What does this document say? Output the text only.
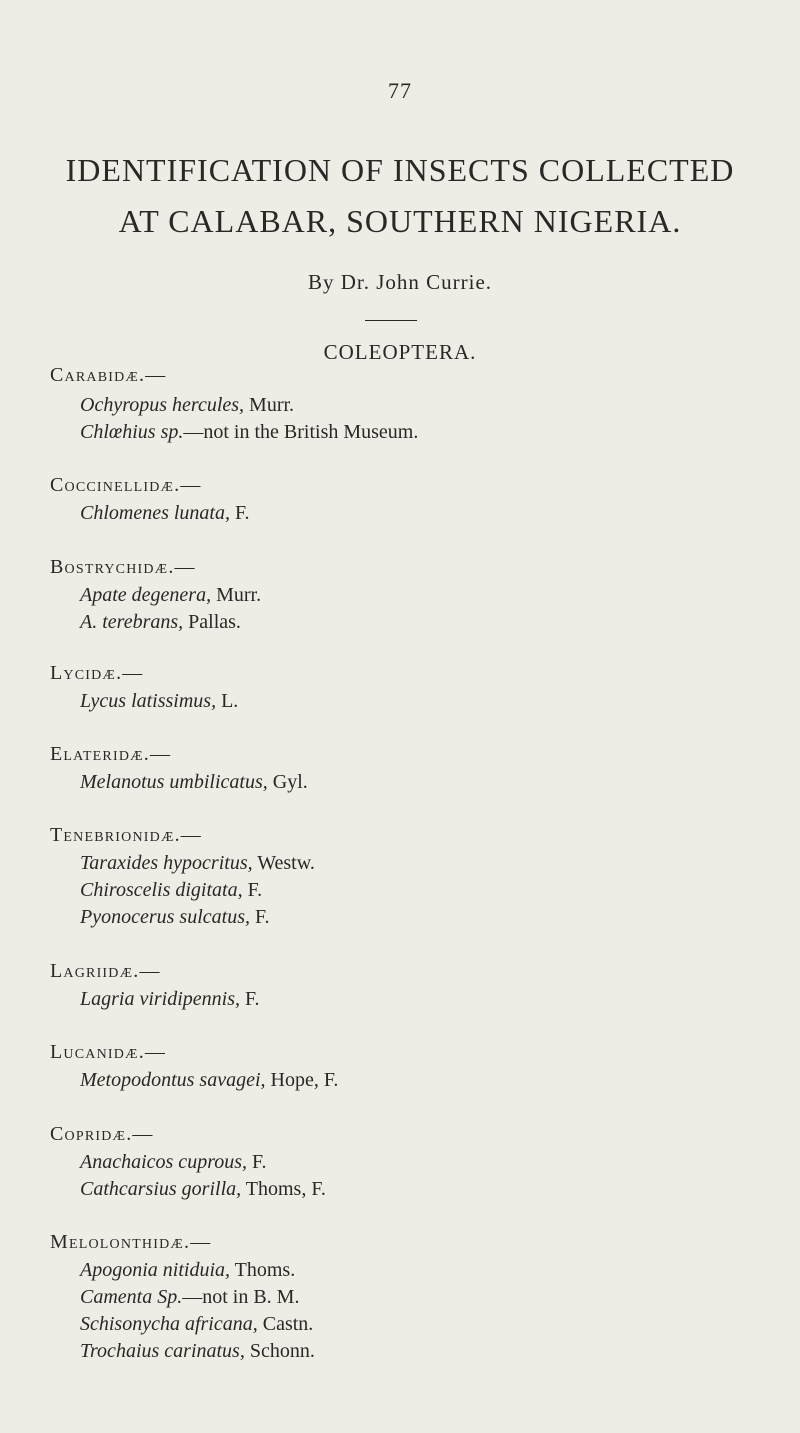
77
IDENTIFICATION OF INSECTS COLLECTED
AT CALABAR, SOUTHERN NIGERIA.
By Dr. John Currie.
COLEOPTERA.
Carabidæ.—
Ochyropus hercules, Murr.
Chlœhius sp.—not in the British Museum.
Coccinellidæ.—
Chlomenes lunata, F.
Bostrychidæ.—
Apate degenera, Murr.
A. terebrans, Pallas.
Lycidæ.—
Lycus latissimus, L.
Elateridæ.—
Melanotus umbilicatus, Gyl.
Tenebrionidæ.—
Taraxides hypocritus, Westw.
Chiroscelis digitata, F.
Pyonocerus sulcatus, F.
Lagriidæ.—
Lagria viridipennis, F.
Lucanidæ.—
Metopodontus savagei, Hope, F.
Copridæ.—
Anachaicos cuprous, F.
Cathcarsius gorilla, Thoms, F.
Melolonthidæ.—
Apogonia nitiduia, Thoms.
Camenta Sp.—not in B. M.
Schisonycha africana, Castn.
Trochaius carinatus, Schonn.
